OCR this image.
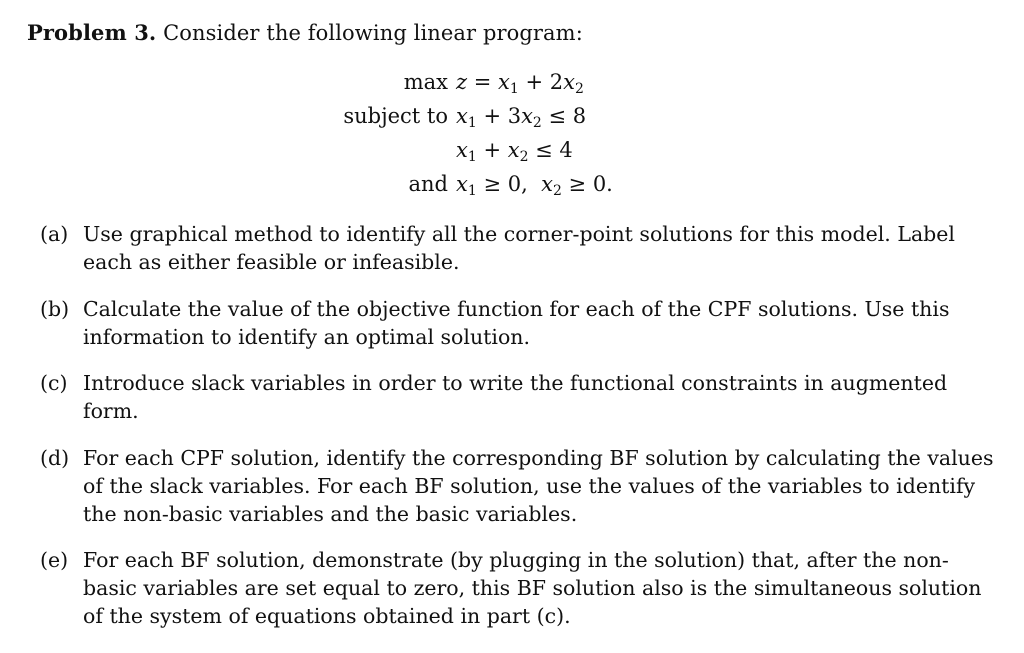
Problem 3. Consider the following linear program:
$\max z = x_1 + 2x_2$
subject to $x_1 + 3x_2 \le 8$
$x_1 + x_2 \le 4$
and $x_1 \ge 0$, $x_2 \ge 0$.
(a) Use graphical method to identify all the corner-point solutions for this model. Label
each as either feasible or infeasible.
(b) Calculate the value of the objective function for each of the CPF solutions. Use this
information to identify an optimal solution.
(c) Introduce slack variables in order to write the functional constraints in augmented
form.
(d) For each CPF solution, identify the corresponding BF solution by calculating the values
of the slack variables. For each BF solution, use the values of the variables to identify
the non-basic variables and the basic variables.
(e) For each BF solution, demonstrate (by plugging in the solution) that, after the non-
basic variables are set equal to zero, this BF solution also is the simultaneous solution
of the system of equations obtained in part (c).
